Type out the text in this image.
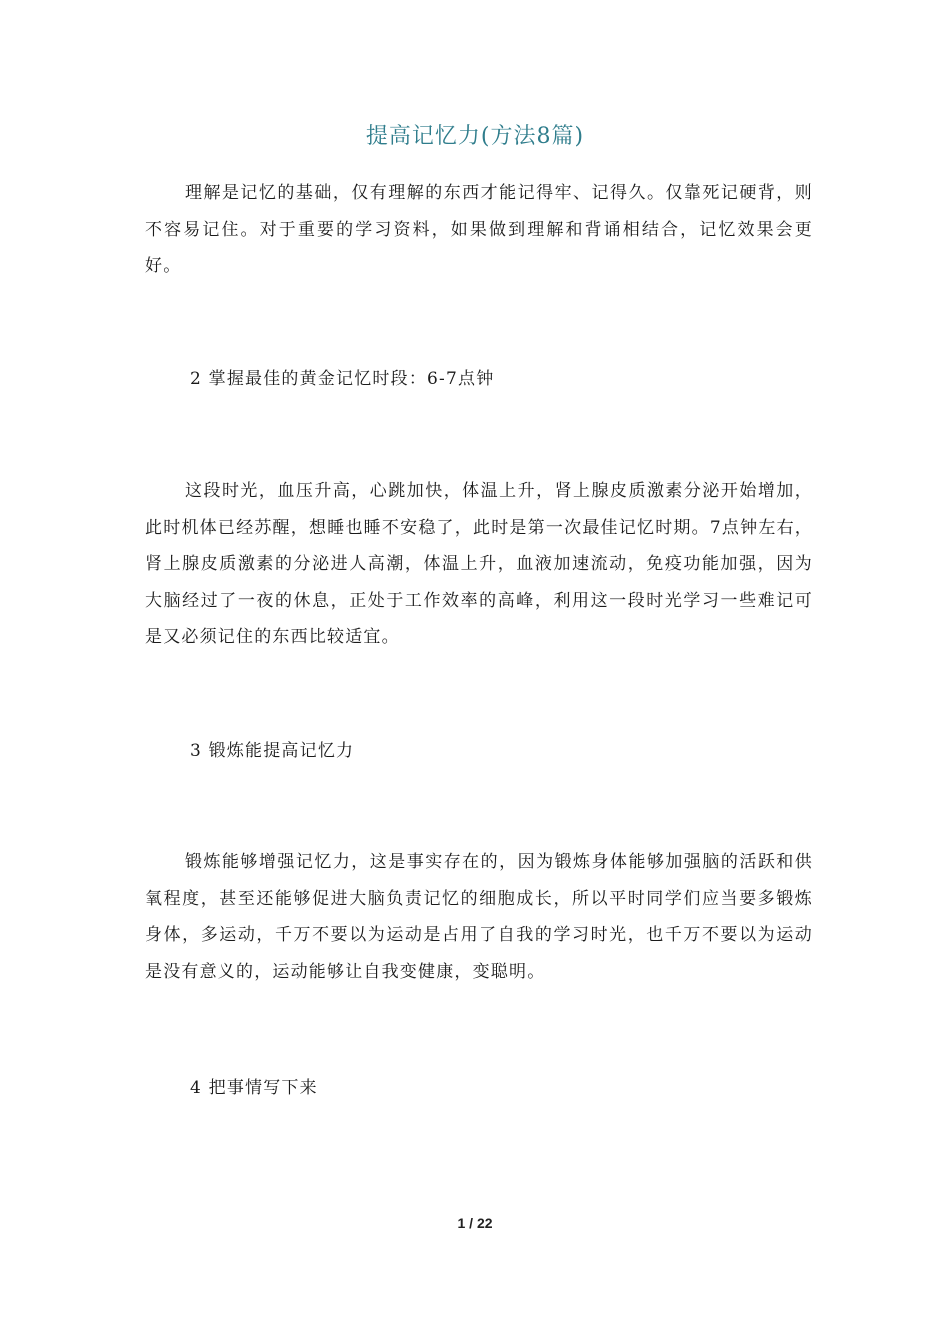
提高记忆力(方法8篇)

理解是记忆的基础，仅有理解的东西才能记得牢、记得久。仅靠死记硬背，则不容易记住。对于重要的学习资料，如果做到理解和背诵相结合，记忆效果会更好。

2 掌握最佳的黄金记忆时段：6-7点钟

这段时光，血压升高，心跳加快，体温上升，肾上腺皮质激素分泌开始增加，此时机体已经苏醒，想睡也睡不安稳了，此时是第一次最佳记忆时期。7点钟左右，肾上腺皮质激素的分泌进人高潮，体温上升，血液加速流动，免疫功能加强，因为大脑经过了一夜的休息，正处于工作效率的高峰，利用这一段时光学习一些难记可是又必须记住的东西比较适宜。

3 锻炼能提高记忆力

锻炼能够增强记忆力，这是事实存在的，因为锻炼身体能够加强脑的活跃和供氧程度，甚至还能够促进大脑负责记忆的细胞成长，所以平时同学们应当要多锻炼身体，多运动，千万不要以为运动是占用了自我的学习时光，也千万不要以为运动是没有意义的，运动能够让自我变健康，变聪明。

4 把事情写下来
1 / 22
